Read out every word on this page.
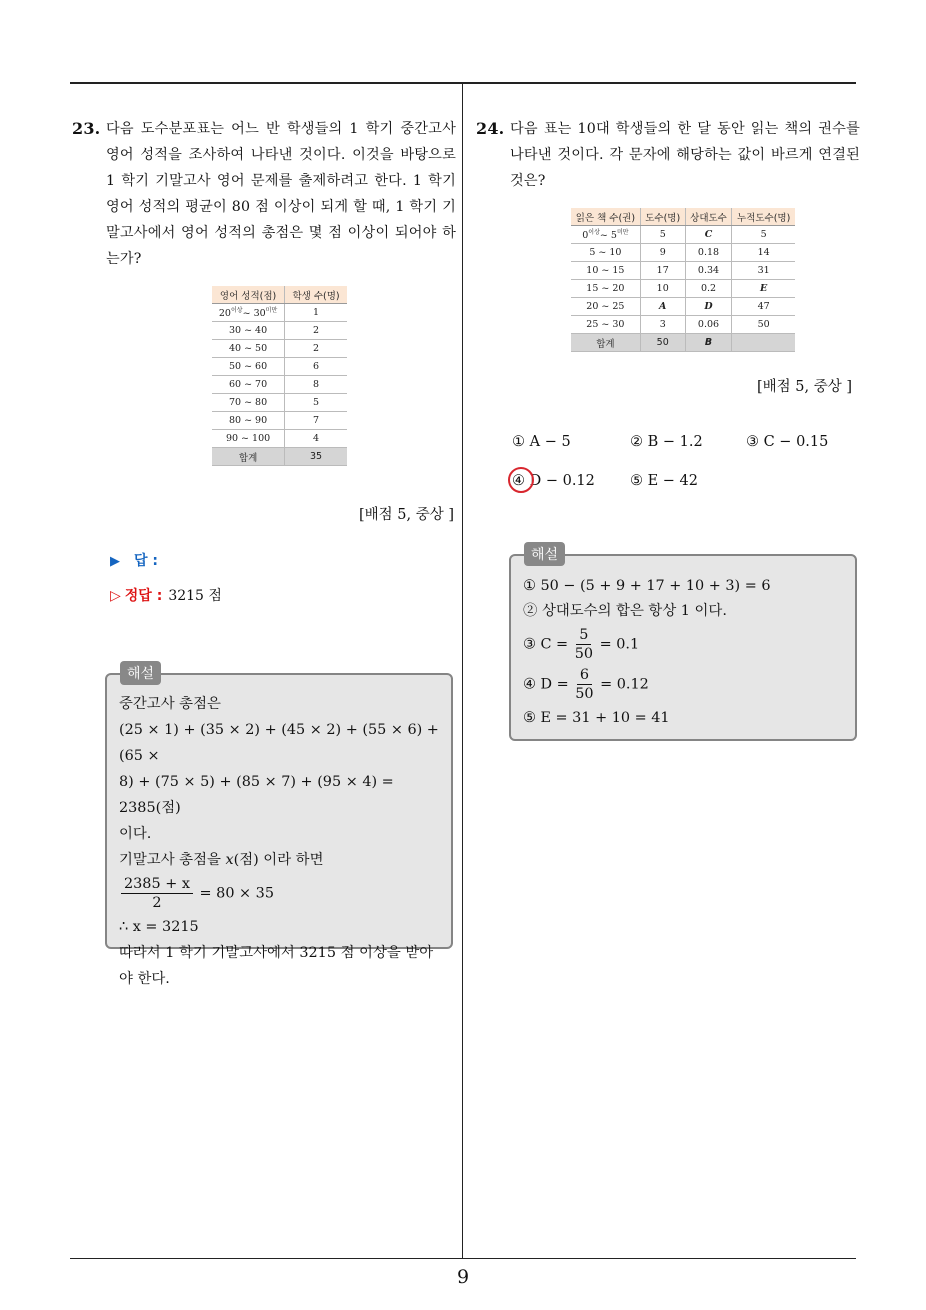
23. 다음 도수분포표는 어느 반 학생들의 1 학기 중간고사 영어 성적을 조사하여 나타낸 것이다. 이것을 바탕으로 1 학기 기말고사 영어 문제를 출제하려고 한다. 1 학기 영어 성적의 평균이 80 점 이상이 되게 할 때, 1 학기 기말고사에서 영어 성적의 총점은 몇 점 이상이 되어야 하는가?
영어 성적(점)	학생 수(명)
$20^{이상}\sim$ $30^{미만}$	1
30 ~ 40	2
40 ~ 50	2
50 ~ 60	6
60 ~ 70	8
70 ~ 80	5
80 ~ 90	7
90 ~ 100	4
합계	35
[배점 5, 중상 ]
▶ 답 :
▷ 정답 : 3215 점
중간고사 총점은
(25 × 1) + (35 × 2) + (45 × 2) + (55 × 6) + (65 ×
8) + (75 × 5) + (85 × 7) + (95 × 4) = 2385(점)
이다.
기말고사 총점을 x(점) 이라 하면
$\frac{2385 + x}{2} = 80 \times 35$
∴ x = 3215
따라서 1 학기 기말고사에서 3215 점 이상을 받아
야 한다.
해설
24. 다음 표는 10대 학생들의 한 달 동안 읽는 책의 권수를 나타낸 것이다. 각 문자에 해당하는 값이 바르게 연결된 것은?
읽은 책 수(권)	도수(명)	상대도수	누적도수(명)
$0^{이상}\sim$ $5^{미만}$	5	C	5
5 ~ 10	9	0.18	14
10 ~ 15	17	0.34	31
15 ~ 20	10	0.2	E
20 ~ 25	A	D	47
25 ~ 30	3	0.06	50
합계	50	B	
[배점 5, 중상 ]
① A − 5	② B − 1.2	③ C − 0.15
④ D − 0.12 ⑤ E − 42
① 50 − (5 + 9 + 17 + 10 + 3) = 6
② 상대도수의 합은 항상 1 이다.
③ $C = \frac{5}{50} = 0.1$
④ $D = \frac{6}{50} = 0.12$
⑤ E = 31 + 10 = 41
해설
9
